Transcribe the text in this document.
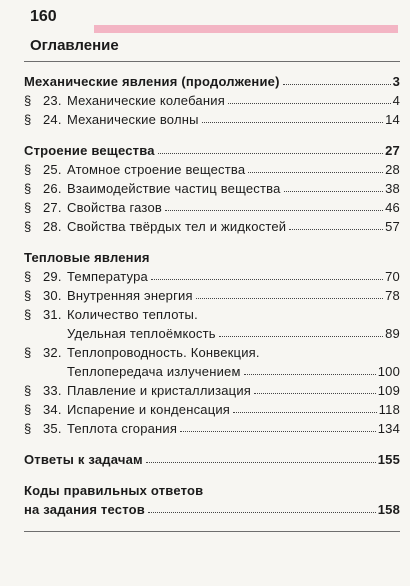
160
Оглавление
Механические явления (продолжение)	3
§ 23. Механические колебания	4
§ 24. Механические волны	14
Строение вещества	27
§ 25. Атомное строение вещества	28
§ 26. Взаимодействие частиц вещества	38
§ 27. Свойства газов	46
§ 28. Свойства твёрдых тел и жидкостей	57
Тепловые явления
§ 29. Температура	70
§ 30. Внутренняя энергия	78
§ 31. Количество теплоты.
Удельная теплоёмкость	89
§ 32. Теплопроводность. Конвекция.
Теплопередача излучением	100
§ 33. Плавление и кристаллизация	109
§ 34. Испарение и конденсация	118
§ 35. Теплота сгорания	134
Ответы к задачам	155
Коды правильных ответов
на задания тестов	158
